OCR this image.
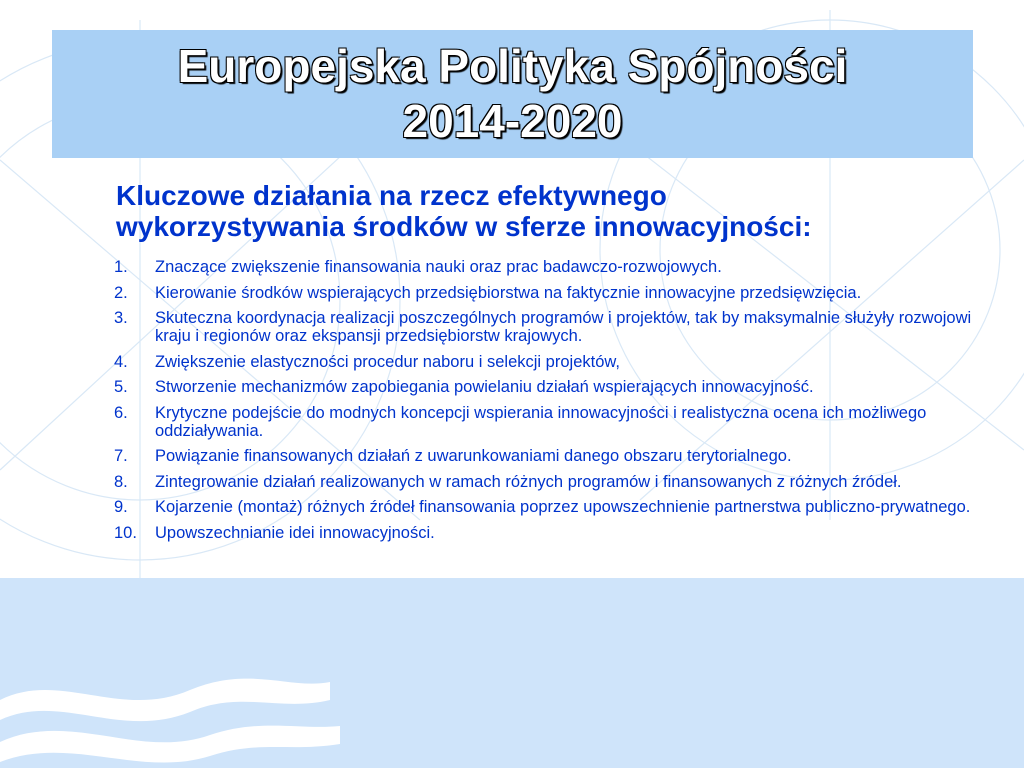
Europejska Polityka Spójności
2014-2020
Kluczowe działania na rzecz efektywnego
wykorzystywania środków w sferze innowacyjności:
1.	Znaczące zwiększenie finansowania nauki oraz prac badawczo-rozwojowych.
2.	Kierowanie środków wspierających przedsiębiorstwa na faktycznie innowacyjne przedsięwzięcia.
3.	Skuteczna koordynacja realizacji poszczególnych programów i projektów, tak by maksymalnie służyły rozwojowi kraju i regionów oraz ekspansji przedsiębiorstw krajowych.
4.	Zwiększenie elastyczności procedur naboru i selekcji projektów,
5.	Stworzenie mechanizmów zapobiegania powielaniu działań wspierających innowacyjność.
6.	Krytyczne podejście do modnych koncepcji wspierania innowacyjności i realistyczna ocena ich możliwego oddziaływania.
7.	Powiązanie finansowanych działań z uwarunkowaniami danego obszaru terytorialnego.
8.	Zintegrowanie działań realizowanych w ramach różnych programów i finansowanych z różnych źródeł.
9.	Kojarzenie (montaż) różnych źródeł finansowania poprzez upowszechnienie partnerstwa publiczno-prywatnego.
10.	Upowszechnianie idei innowacyjności.
